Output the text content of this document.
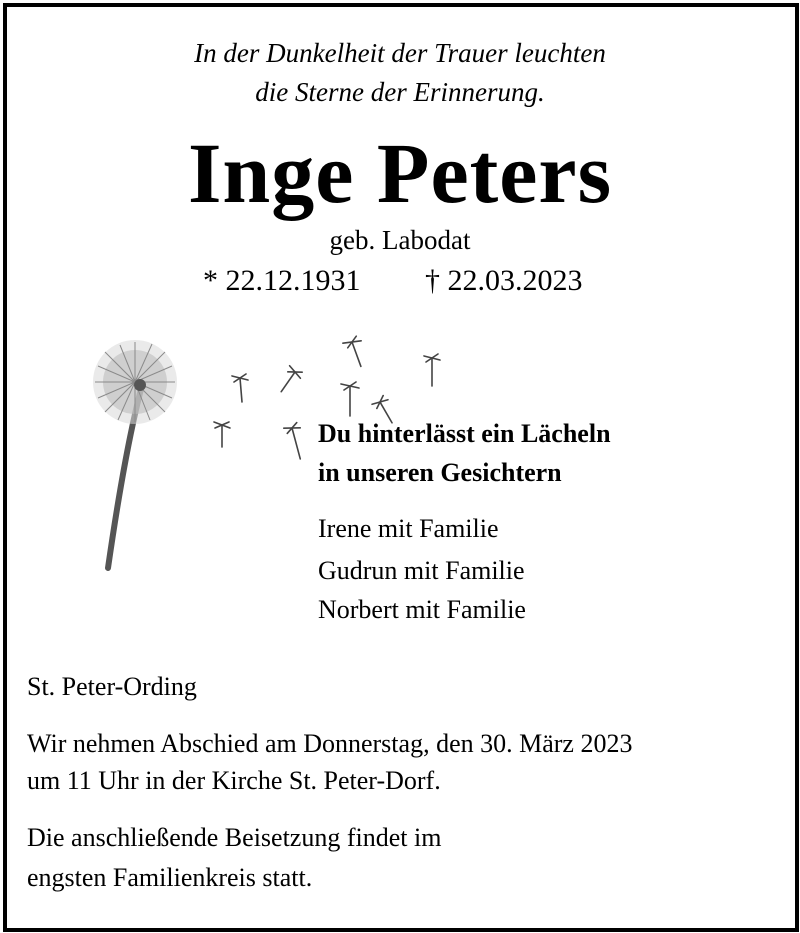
In der Dunkelheit der Trauer leuchten
die Sterne der Erinnerung.
Inge Peters
geb. Labodat
* 22.12.1931 † 22.03.2023
Du hinterlässt ein Lächeln
in unseren Gesichtern
Irene mit Familie
Gudrun mit Familie
Norbert mit Familie
St. Peter-Ording
Wir nehmen Abschied am Donnerstag, den 30. März 2023
um 11 Uhr in der Kirche St. Peter-Dorf.
Die anschließende Beisetzung findet im
engsten Familienkreis statt.
